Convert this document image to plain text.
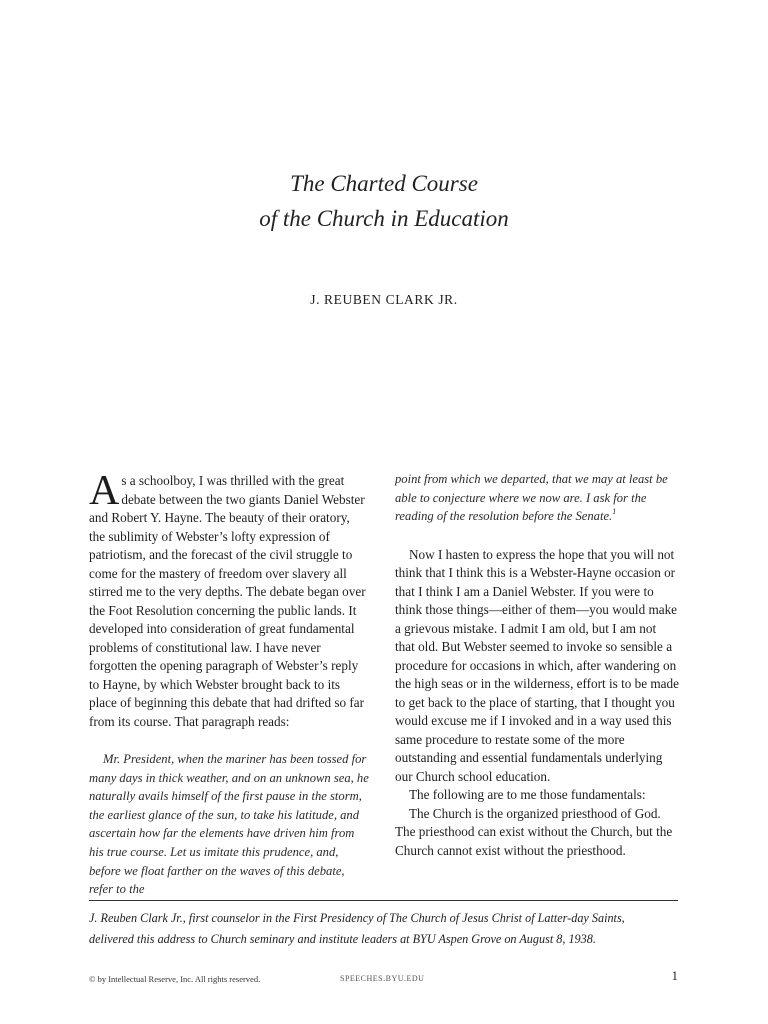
The Charted Course
of the Church in Education
J. REUBEN CLARK JR.

As a schoolboy, I was thrilled with the great debate between the two giants Daniel Webster and Robert Y. Hayne. The beauty of their oratory, the sublimity of Webster’s lofty expression of patriotism, and the forecast of the civil struggle to come for the mastery of freedom over slavery all stirred me to the very depths. The debate began over the Foot Resolution concerning the public lands. It developed into consideration of great fundamental problems of constitutional law. I have never forgotten the opening paragraph of Webster’s reply to Hayne, by which Webster brought back to its place of beginning this debate that had drifted so far from its course. That paragraph reads:

Mr. President, when the mariner has been tossed for many days in thick weather, and on an unknown sea, he naturally avails himself of the first pause in the storm, the earliest glance of the sun, to take his latitude, and ascertain how far the elements have driven him from his true course. Let us imitate this prudence, and, before we float farther on the waves of this debate, refer to the

point from which we departed, that we may at least be able to conjecture where we now are. I ask for the reading of the resolution before the Senate.$^1$

Now I hasten to express the hope that you will not think that I think this is a Webster-Hayne occasion or that I think I am a Daniel Webster. If you were to think those things—either of them—you would make a grievous mistake. I admit I am old, but I am not that old. But Webster seemed to invoke so sensible a procedure for occasions in which, after wandering on the high seas or in the wilderness, effort is to be made to get back to the place of starting, that I thought you would excuse me if I invoked and in a way used this same procedure to restate some of the more outstanding and essential fundamentals underlying our Church school education.

The following are to me those fundamentals:

The Church is the organized priesthood of God. The priesthood can exist without the Church, but the Church cannot exist without the priesthood.

J. Reuben Clark Jr., first counselor in the First Presidency of The Church of Jesus Christ of Latter-day Saints,
delivered this address to Church seminary and institute leaders at BYU Aspen Grove on August 8, 1938.
© by Intellectual Reserve, Inc. All rights reserved.	SPEECHES.BYU.EDU	1
